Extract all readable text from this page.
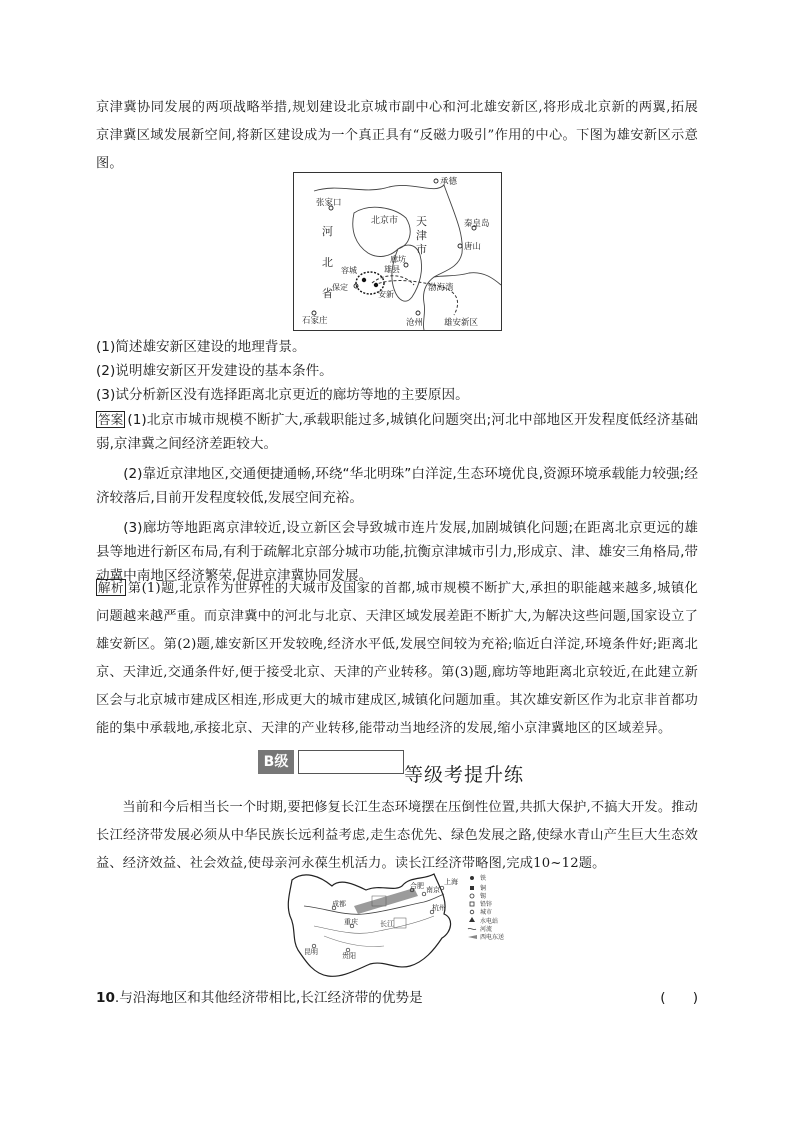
京津冀协同发展的两项战略举措,规划建设北京城市副中心和河北雄安新区,将形成北京新的两翼,拓展京津冀区域发展新空间,将新区建设成为一个真正具有“反磁力吸引”作用的中心。下图为雄安新区示意图。
承德
张家口
北京市	秦皇岛
河
天
津
市	唐山
北	廊坊
雄县
容城
省 保定
安新
渤海湾
石家庄	沧州 雄安新区
(1)简述雄安新区建设的地理背景。
(2)说明雄安新区开发建设的基本条件。
(3)试分析新区没有选择距离北京更近的廊坊等地的主要原因。
答案 (1)北京市城市规模不断扩大,承载职能过多,城镇化问题突出;河北中部地区开发程度低经济基础弱,京津冀之间经济差距较大。
(2)靠近京津地区,交通便捷通畅,环绕“华北明珠”白洋淀,生态环境优良,资源环境承载能力较强;经济较落后,目前开发程度较低,发展空间充裕。
(3)廊坊等地距离京津较近,设立新区会导致城市连片发展,加剧城镇化问题;在距离北京更远的雄县等地进行新区布局,有利于疏解北京部分城市功能,抗衡京津城市引力,形成京、津、雄安三角格局,带动冀中南地区经济繁荣,促进京津冀协同发展。
解析 第(1)题,北京作为世界性的大城市及国家的首都,城市规模不断扩大,承担的职能越来越多,城镇化问题越来越严重。而京津冀中的河北与北京、天津区域发展差距不断扩大,为解决这些问题,国家设立了雄安新区。第(2)题,雄安新区开发较晚,经济水平低,发展空间较为充裕;临近白洋淀,环境条件好;距离北京、天津近,交通条件好,便于接受北京、天津的产业转移。第(3)题,廊坊等地距离北京较近,在此建立新区会与北京城市建成区相连,形成更大的城市建成区,城镇化问题加重。其次雄安新区作为北京非首都功能的集中承载地,承接北京、天津的产业转移,能带动当地经济的发展,缩小京津冀地区的区域差异。
B级
等级考提升练
当前和今后相当长一个时期,要把修复长江生态环境摆在压倒性位置,共抓大保护,不搞大开发。推动长江经济带发展必须从中华民族长远利益考虑,走生态优先、绿色发展之路,使绿水青山产生巨大生态效益、经济效益、社会效益,使母亲河永葆生机活力。读长江经济带略图,完成10~12题。
成都
重庆
昆明	贵阳
长江
上海
合肥 南京
杭州
铁
铜
锡
铅锌
城市
水电站
河流
西电东送
10.与沿海地区和其他经济带相比,长江经济带的优势是	(　　)
